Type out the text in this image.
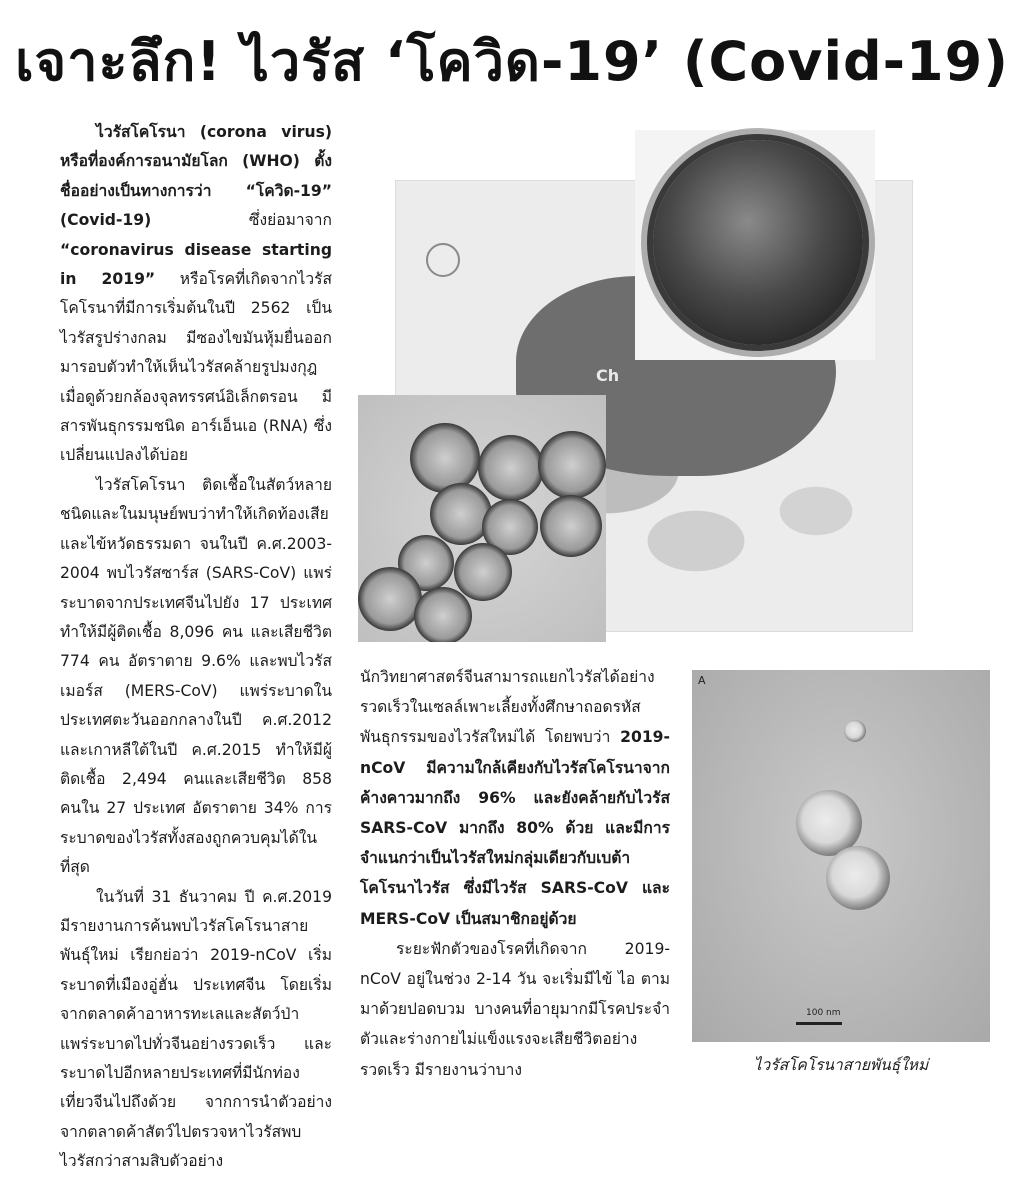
เจาะลึก! ไวรัส ‘โควิด-19’ (Covid-19)

ไวรัสโคโรนา (corona virus) หรือที่องค์การอนามัยโลก (WHO) ตั้งชื่ออย่างเป็นทางการว่า “โควิด-19” (Covid-19) ซึ่งย่อมาจาก “coronavirus disease starting in 2019” หรือโรคที่เกิดจากไวรัสโคโรนาที่มีการเริ่มต้นในปี 2562 เป็นไวรัสรูปร่างกลม มีซองไขมันหุ้มยื่นออกมารอบตัวทำให้เห็นไวรัสคล้ายรูปมงกุฎเมื่อดูด้วยกล้องจุลทรรศน์อิเล็กตรอน มีสารพันธุกรรมชนิด อาร์เอ็นเอ (RNA) ซึ่งเปลี่ยนแปลงได้บ่อย

ไวรัสโคโรนา ติดเชื้อในสัตว์หลายชนิดและในมนุษย์พบว่าทำให้เกิดท้องเสียและไข้หวัดธรรมดา จนในปี ค.ศ.2003-2004 พบไวรัสซาร์ส (SARS-CoV) แพร่ระบาดจากประเทศจีนไปยัง 17 ประเทศ ทำให้มีผู้ติดเชื้อ 8,096 คน และเสียชีวิต 774 คน อัตราตาย 9.6% และพบไวรัสเมอร์ส (MERS-CoV) แพร่ระบาดในประเทศตะวันออกกลางในปี ค.ศ.2012 และเกาหลีใต้ในปี ค.ศ.2015 ทำให้มีผู้ติดเชื้อ 2,494 คนและเสียชีวิต 858 คนใน 27 ประเทศ อัตราตาย 34% การระบาดของไวรัสทั้งสองถูกควบคุมได้ในที่สุด

ในวันที่ 31 ธันวาคม ปี ค.ศ.2019 มีรายงานการค้นพบไวรัสโคโรนาสายพันธุ์ใหม่ เรียกย่อว่า 2019-nCoV เริ่มระบาดที่เมืองอู่ฮั่น ประเทศจีน โดยเริ่มจากตลาดค้าอาหารทะเลและสัตว์ป่า แพร่ระบาดไปทั่วจีนอย่างรวดเร็ว และระบาดไปอีกหลายประเทศที่มีนักท่องเที่ยวจีนไปถึงด้วย จากการนำตัวอย่างจากตลาดค้าสัตว์ไปตรวจหาไวรัสพบไวรัสกว่าสามสิบตัวอย่าง

Ch

นักวิทยาศาสตร์จีนสามารถแยกไวรัสได้อย่างรวดเร็วในเซลล์เพาะเลี้ยงทั้งศึกษาถอดรหัสพันธุกรรมของไวรัสใหม่ได้ โดยพบว่า 2019-nCoV มีความใกล้เคียงกับไวรัสโคโรนาจากค้างคาวมากถึง 96% และยังคล้ายกับไวรัส SARS-CoV มากถึง 80% ด้วย และมีการจำแนกว่าเป็นไวรัสใหม่กลุ่มเดียวกับเบต้าโคโรนาไวรัส ซึ่งมีไวรัส SARS-CoV และ MERS-CoV เป็นสมาชิกอยู่ด้วย

ระยะฟักตัวของโรคที่เกิดจาก 2019-nCoV อยู่ในช่วง 2-14 วัน จะเริ่มมีไข้ ไอ ตามมาด้วยปอดบวม บางคนที่อายุมากมีโรคประจำตัวและร่างกายไม่แข็งแรงจะเสียชีวิตอย่างรวดเร็ว มีรายงานว่าบาง

A
100 nm
ไวรัสโคโรนาสายพันธุ์ใหม่
